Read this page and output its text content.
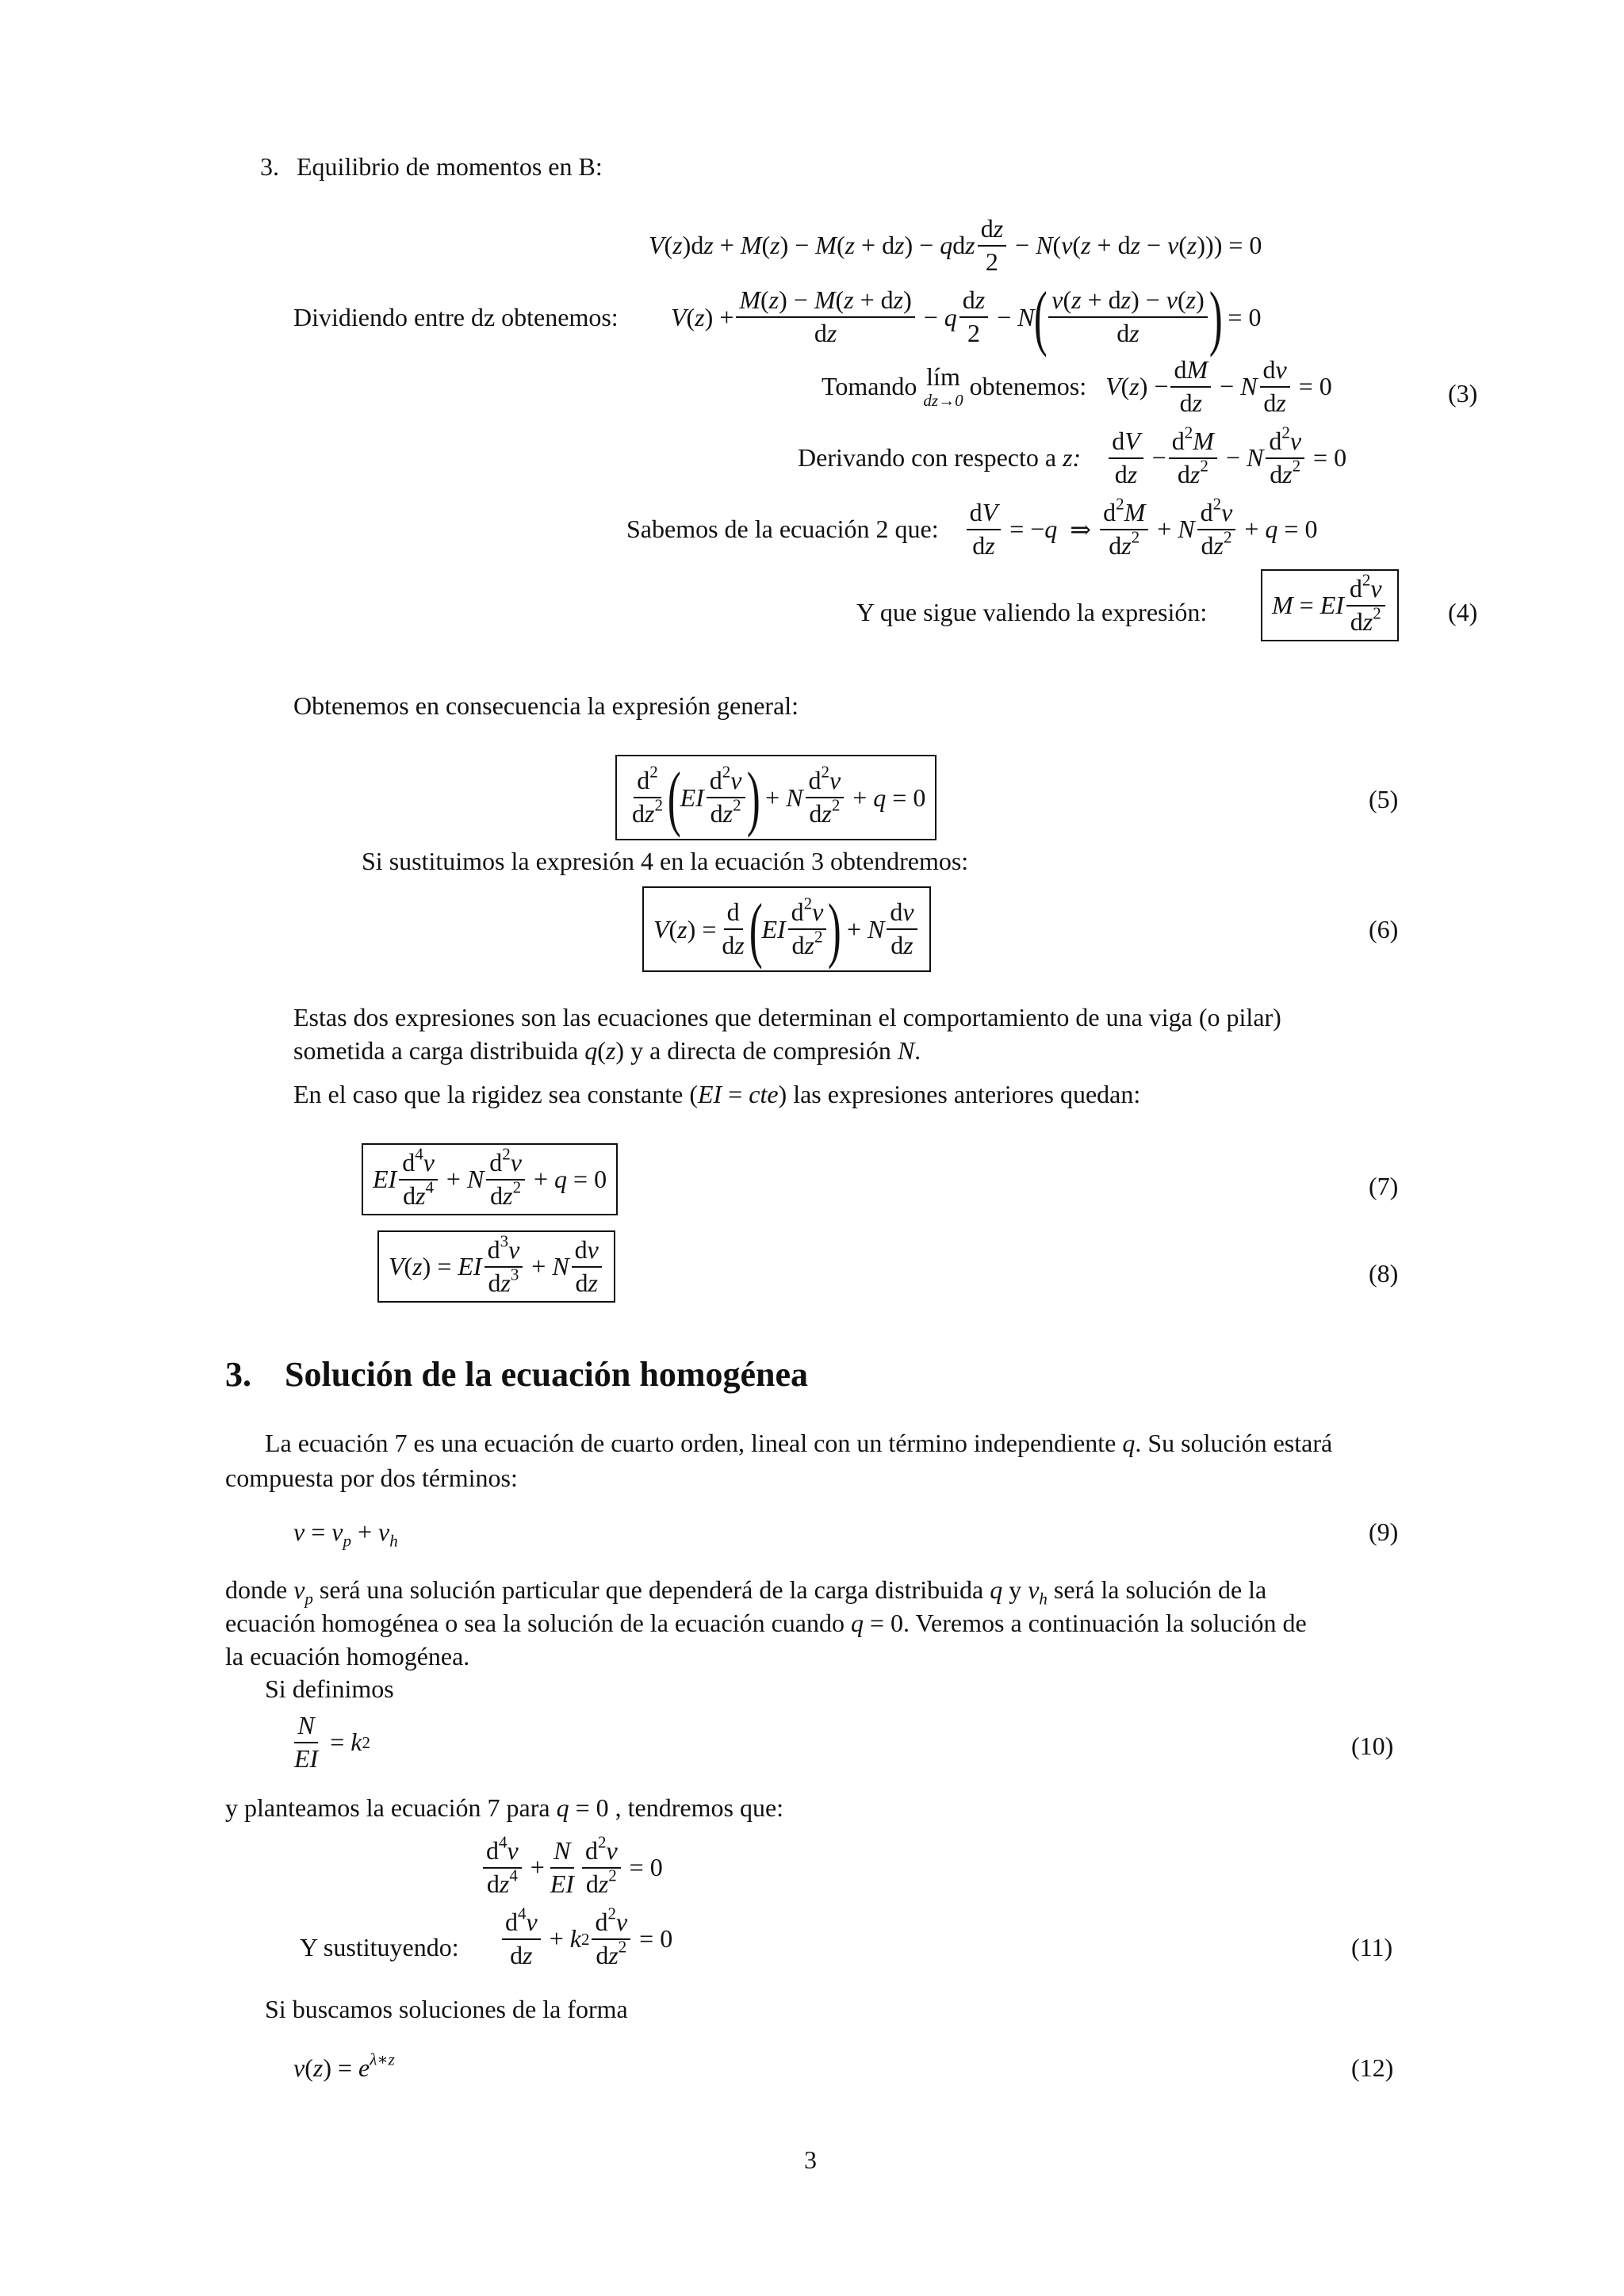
3. Equilibrio de momentos en B:
V ( z )d z + M ( z ) − M ( z + d z ) − q d z $\frac{dz}{2} - N$ ( v ( z + d z − v ( z ))) = 0
Dividiendo entre dz obtenemos: V ( z ) + $\frac{M(z) - M(z + dz)}{dz} - q \frac{dz}{2} - N$
( $\frac{v(z + dz) - v(z)}{dz}$ )
= 0
Tomando lím
dz→0 obtenemos:
V ( z ) − $\frac{dM}{dz} - N \frac{dv}{dz} = 0$	(3)
Derivando con respecto a
z:
$\frac{dV}{dz} - \frac{d^2M}{dz^2} - N \frac{d^2v}{dz^2} = 0$
Sabemos de la ecuación 2 que:
$\frac{dV}{dz}$ = − q ⇒ $\frac{d^2M}{dz^2} + N \frac{d^2v}{dz^2} + q = 0$
Y que sigue valiendo la expresión:	M = EI $\frac{d^2v}{dz^2} (4)$
Obtenemos en consecuencia la expresión general:
$\frac{d^2}{dz^2}$ (
EI $\frac{d^2v}{dz^2}$ )
+ N $\frac{d^2v}{dz^2} + q = 0$	(5)
Si sustituimos la expresión 4 en la ecuación 3 obtendremos:
V ( z ) = $\frac{d}{dz}$ (
EI $\frac{d^2v}{dz^2}$ )
+ N $\frac{dv}{dz}$	(6)
Estas dos expresiones son las ecuaciones que determinan el comportamiento de una viga (o pilar)
sometida a carga distribuida q(z) y a directa de compresión N.
En el caso que la rigidez sea constante (EI = cte) las expresiones anteriores quedan:
EI $\frac{d^4v}{dz^4} + N \frac{d^2v}{dz^2} + q = 0$	(7)
V ( z ) = EI $\frac{d^3v}{dz^3} + N \frac{dv}{dz}$	(8)
3. Solución de la ecuación homogénea
La ecuación 7 es una ecuación de cuarto orden, lineal con un término independiente q. Su solución estará
compuesta por dos términos:
$v = v_p + v_h$	(9)
donde $v_p$ será una solución particular que dependerá de la carga distribuida q y $v_h$ será la solución de la
ecuación homogénea o sea la solución de la ecuación cuando q = 0. Veremos a continuación la solución de
la ecuación homogénea.
Si definimos
$\frac{N}{EI} = k$ 2	(10)
y planteamos la ecuación 7 para q = 0 , tendremos que:
$\frac{d^4v}{dz^4} + \frac{N}{EI} \frac{d^2v}{dz^2} = 0$
Y sustituyendo: $\frac{d^4v}{dz} + k$ $2 \frac{d^2v}{dz^2} = 0$	(11)
Si buscamos soluciones de la forma
$v(z) = e^{\lambda∗z}$	(12)
3
